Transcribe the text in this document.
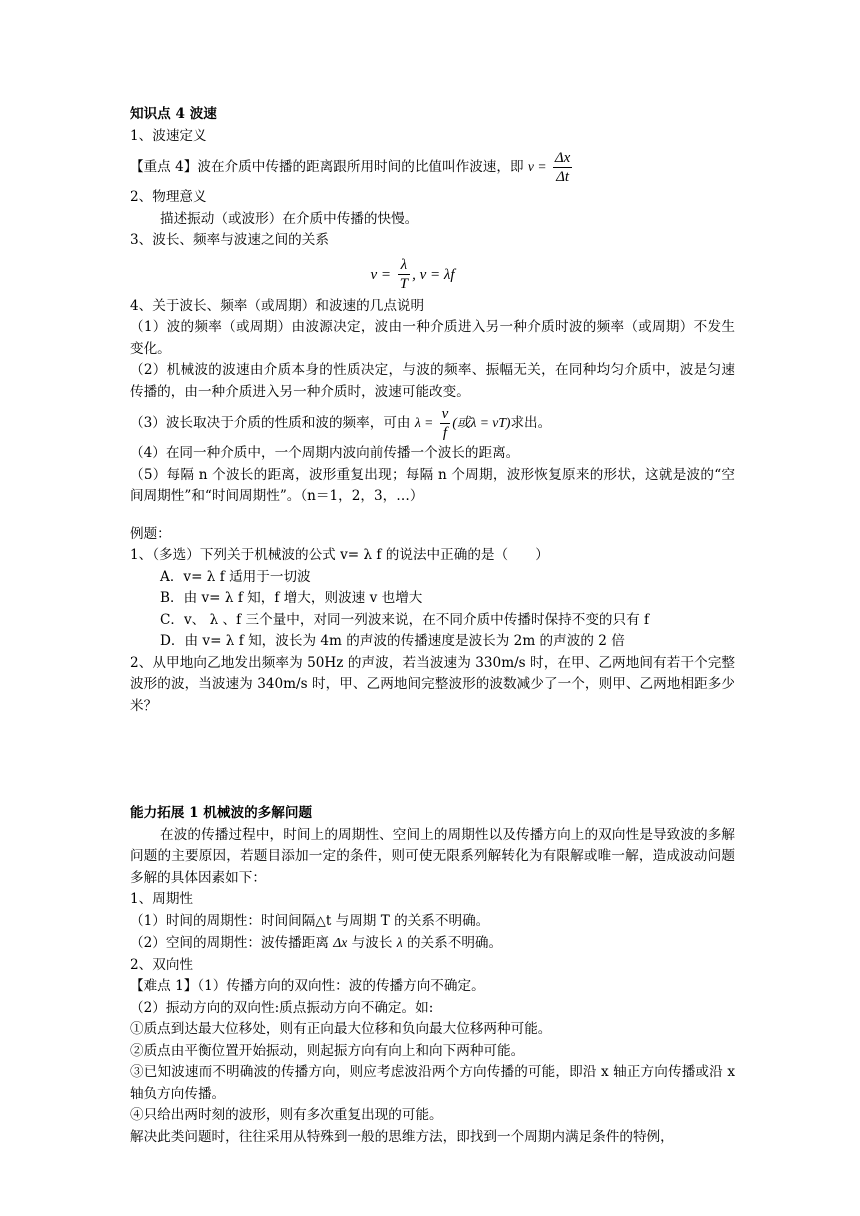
知识点 4 波速
1、波速定义
【重点 4】波在介质中传播的距离跟所用时间的比值叫作波速，即 $v = \frac{\Delta x}{\Delta t}$
2、物理意义
描述振动（或波形）在介质中传播的快慢。
3、波长、频率与波速之间的关系
$v = \frac{\lambda}{T}$ , v = λf
4、关于波长、频率（或周期）和波速的几点说明
（1）波的频率（或周期）由波源决定，波由一种介质进入另一种介质时波的频率（或周期）不发生变化。
（2）机械波的波速由介质本身的性质决定，与波的频率、振幅无关，在同种均匀介质中，波是匀速传播的，由一种介质进入另一种介质时，波速可能改变。
（3）波长取决于介质的性质和波的频率，可由 $\lambda = \frac{v}{f}$ (或λ = vT)求出。
（4）在同一种介质中，一个周期内波向前传播一个波长的距离。
（5）每隔 n 个波长的距离，波形重复出现；每隔 n 个周期，波形恢复原来的形状，这就是波的“空间周期性”和“时间周期性”。（n＝1，2，3，…）
例题：
1、（多选）下列关于机械波的公式 v= λ f 的说法中正确的是（　　）
A．v= λ f 适用于一切波
B．由 v= λ f 知，f 增大，则波速 v 也增大
C．v、 λ 、f 三个量中，对同一列波来说，在不同介质中传播时保持不变的只有 f
D．由 v= λ f 知，波长为 4m 的声波的传播速度是波长为 2m 的声波的 2 倍
2、从甲地向乙地发出频率为 50Hz 的声波，若当波速为 330m/s 时，在甲、乙两地间有若干个完整波形的波，当波速为 340m/s 时，甲、乙两地间完整波形的波数减少了一个，则甲、乙两地相距多少米？
能力拓展 1 机械波的多解问题
在波的传播过程中，时间上的周期性、空间上的周期性以及传播方向上的双向性是导致波的多解问题的主要原因，若题目添加一定的条件，则可使无限系列解转化为有限解或唯一解，造成波动问题多解的具体因素如下：
1、周期性
（1）时间的周期性：时间间隔△t 与周期 T 的关系不明确。
（2）空间的周期性：波传播距离 Δx 与波长 λ 的关系不明确。
2、双向性
【难点 1】（1）传播方向的双向性：波的传播方向不确定。
（2）振动方向的双向性:质点振动方向不确定。如:
①质点到达最大位移处，则有正向最大位移和负向最大位移两种可能。
②质点由平衡位置开始振动，则起振方向有向上和向下两种可能。
③已知波速而不明确波的传播方向，则应考虑波沿两个方向传播的可能，即沿 x 轴正方向传播或沿 x 轴负方向传播。
④只给出两时刻的波形，则有多次重复出现的可能。
解决此类问题时，往往采用从特殊到一般的思维方法，即找到一个周期内满足条件的特例，
